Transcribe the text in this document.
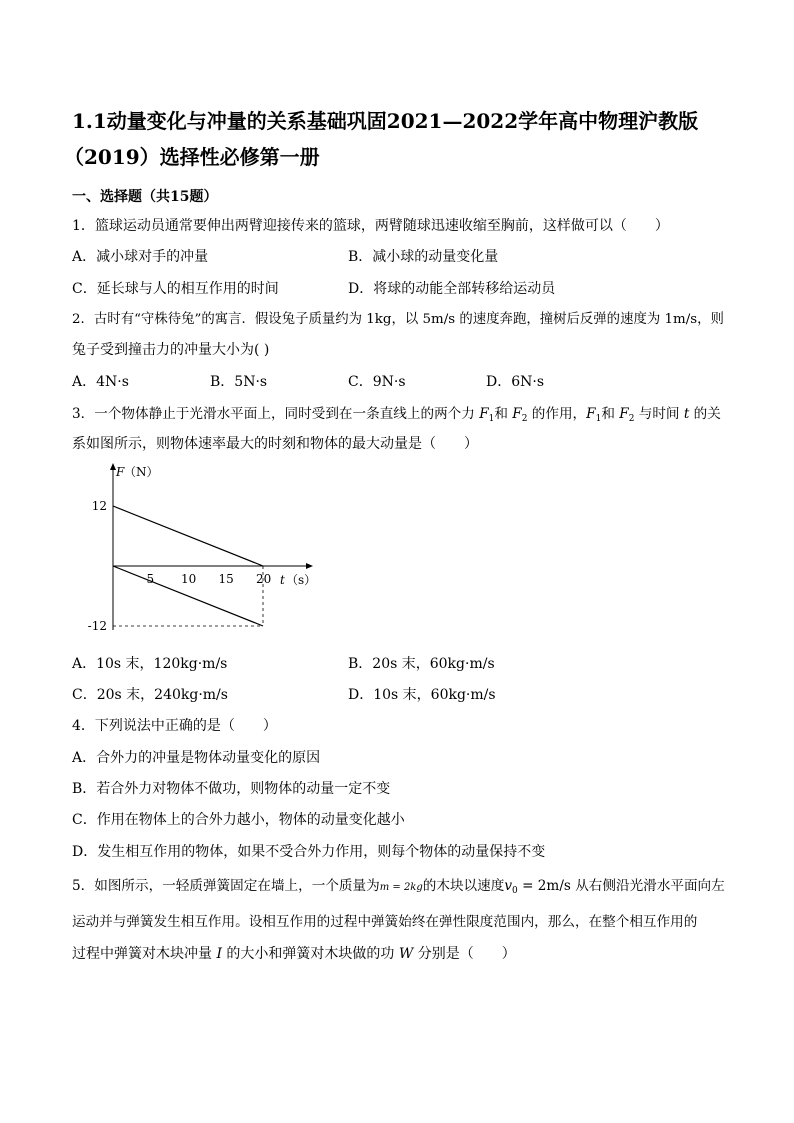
1.1动量变化与冲量的关系基础巩固2021—2022学年高中物理沪教版
（2019）选择性必修第一册
一、选择题（共15题）
1．篮球运动员通常要伸出两臂迎接传来的篮球，两臂随球迅速收缩至胸前，这样做可以（　　）
A．减小球对手的冲量	B．减小球的动量变化量
C．延长球与人的相互作用的时间	D．将球的动能全部转移给运动员
2．古时有“守株待兔”的寓言．假设兔子质量约为 1kg，以 5m/s 的速度奔跑，撞树后反弹的速度为 1m/s，则
兔子受到撞击力的冲量大小为( )
A．4N·s	B．5N·s	C．9N·s	D．6N·s
3．一个物体静止于光滑水平面上，同时受到在一条直线上的两个力 $F_1$和 $F_2$ 的作用，$F_1$和 $F_2$ 与时间 t 的关
系如图所示，则物体速率最大的时刻和物体的最大动量是（　　）
F （N）
t （s）
5 10 15 20
12
-12
A．10s 末，120kg·m/s	B．20s 末，60kg·m/s
C．20s 末，240kg·m/s	D．10s 末，60kg·m/s
4．下列说法中正确的是（　　）
A．合外力的冲量是物体动量变化的原因
B．若合外力对物体不做功，则物体的动量一定不变
C．作用在物体上的合外力越小，物体的动量变化越小
D．发生相互作用的物体，如果不受合外力作用，则每个物体的动量保持不变
5．如图所示，一轻质弹簧固定在墙上，一个质量为m = 2kg的木块以速度$v_0 = 2m/s$ 从右侧沿光滑水平面向左
运动并与弹簧发生相互作用。设相互作用的过程中弹簧始终在弹性限度范围内，那么，在整个相互作用的
过程中弹簧对木块冲量 I 的大小和弹簧对木块做的功 W 分别是（　　）
